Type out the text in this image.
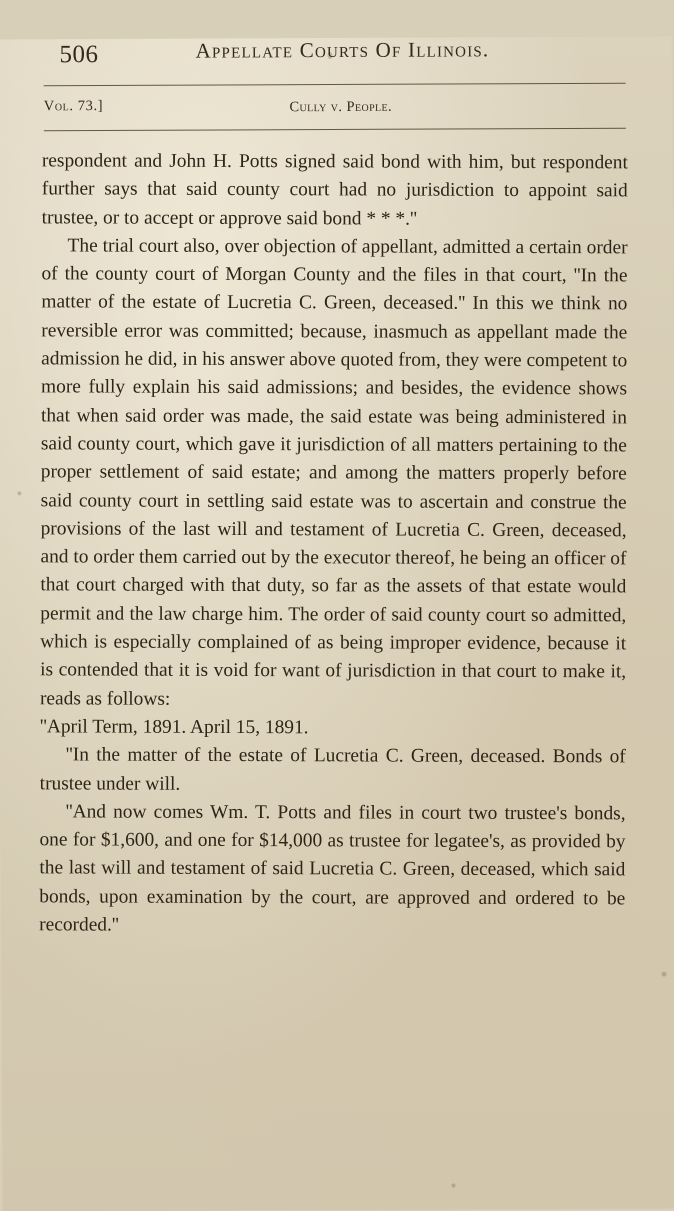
506	Appellate Courts Of Illinois.
Vol. 73.]	Cully v. People.

respondent and John H. Potts signed said bond with him, but respondent further says that said county court had no jurisdiction to appoint said trustee, or to accept or approve said bond * * *.''

The trial court also, over objection of appellant, admitted a certain order of the county court of Morgan County and the files in that court, ''In the matter of the estate of Lucretia C. Green, deceased.'' In this we think no reversible error was committed; because, inasmuch as appellant made the admission he did, in his answer above quoted from, they were competent to more fully explain his said admissions; and besides, the evidence shows that when said order was made, the said estate was being administered in said county court, which gave it jurisdiction of all matters pertaining to the proper settlement of said estate; and among the matters properly before said county court in settling said estate was to ascertain and construe the provisions of the last will and testament of Lucretia C. Green, deceased, and to order them carried out by the executor thereof, he being an officer of that court charged with that duty, so far as the assets of that estate would permit and the law charge him. The order of said county court so admitted, which is especially complained of as being improper evidence, because it is contended that it is void for want of jurisdiction in that court to make it, reads as follows:

''April Term, 1891. April 15, 1891.

''In the matter of the estate of Lucretia C. Green, deceased. Bonds of trustee under will.

''And now comes Wm. T. Potts and files in court two trustee's bonds, one for $1,600, and one for $14,000 as trustee for legatee's, as provided by the last will and testament of said Lucretia C. Green, deceased, which said bonds, upon examination by the court, are approved and ordered to be recorded.''
